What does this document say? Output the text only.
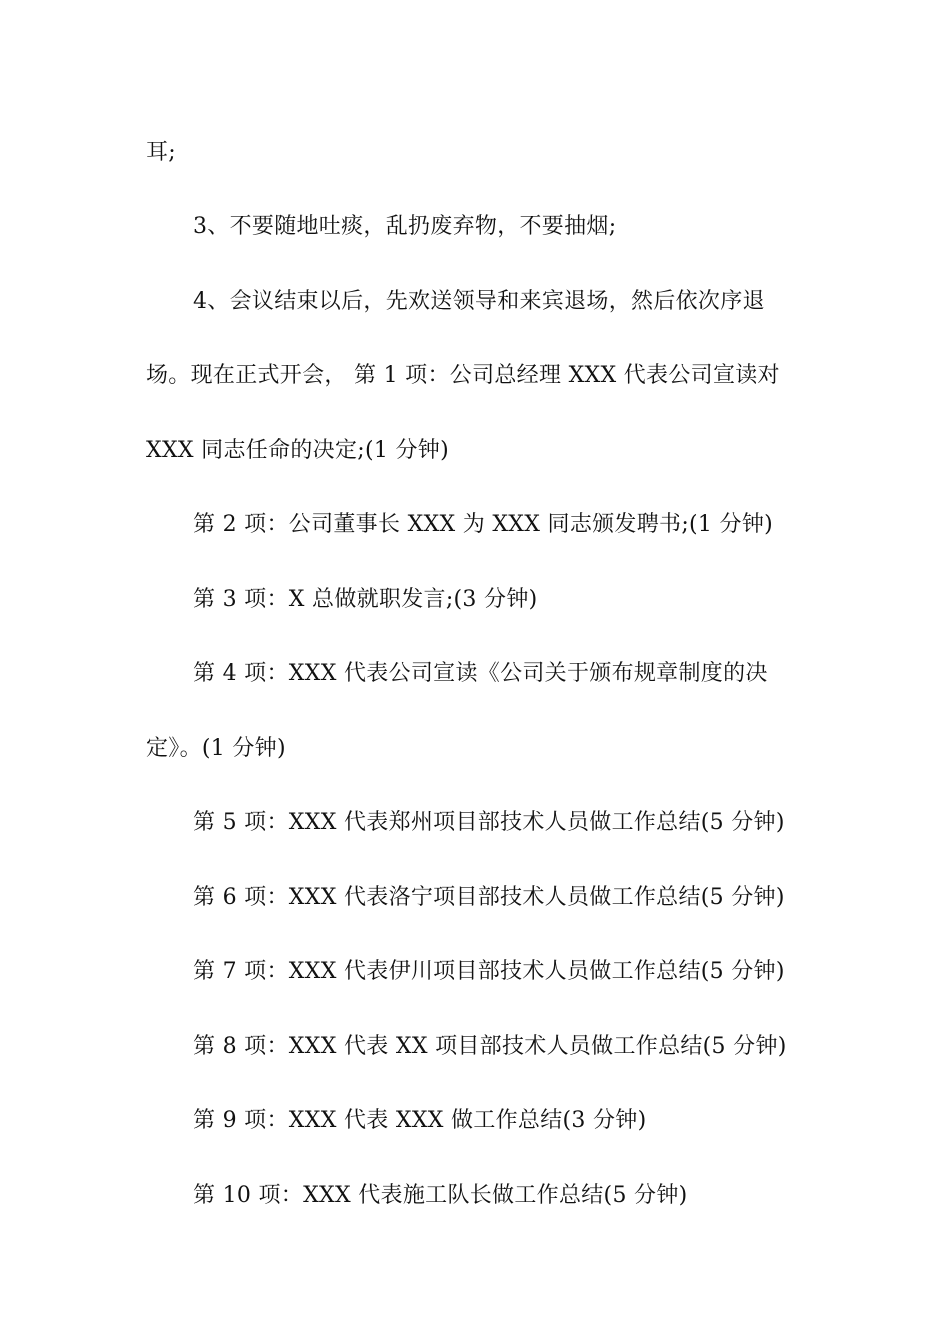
耳;
3、不要随地吐痰，乱扔废弃物，不要抽烟;
4、会议结束以后，先欢送领导和来宾退场，然后依次序退
场。现在正式开会， 第 1 项：公司总经理 XXX 代表公司宣读对
XXX 同志任命的决定;(1 分钟)
第 2 项：公司董事长 XXX 为 XXX 同志颁发聘书;(1 分钟)
第 3 项：X 总做就职发言;(3 分钟)
第 4 项：XXX 代表公司宣读《公司关于颁布规章制度的决
定》。(1 分钟)
第 5 项：XXX 代表郑州项目部技术人员做工作总结(5 分钟)
第 6 项：XXX 代表洛宁项目部技术人员做工作总结(5 分钟)
第 7 项：XXX 代表伊川项目部技术人员做工作总结(5 分钟)
第 8 项：XXX 代表 XX 项目部技术人员做工作总结(5 分钟)
第 9 项：XXX 代表 XXX 做工作总结(3 分钟)
第 10 项：XXX 代表施工队长做工作总结(5 分钟)
